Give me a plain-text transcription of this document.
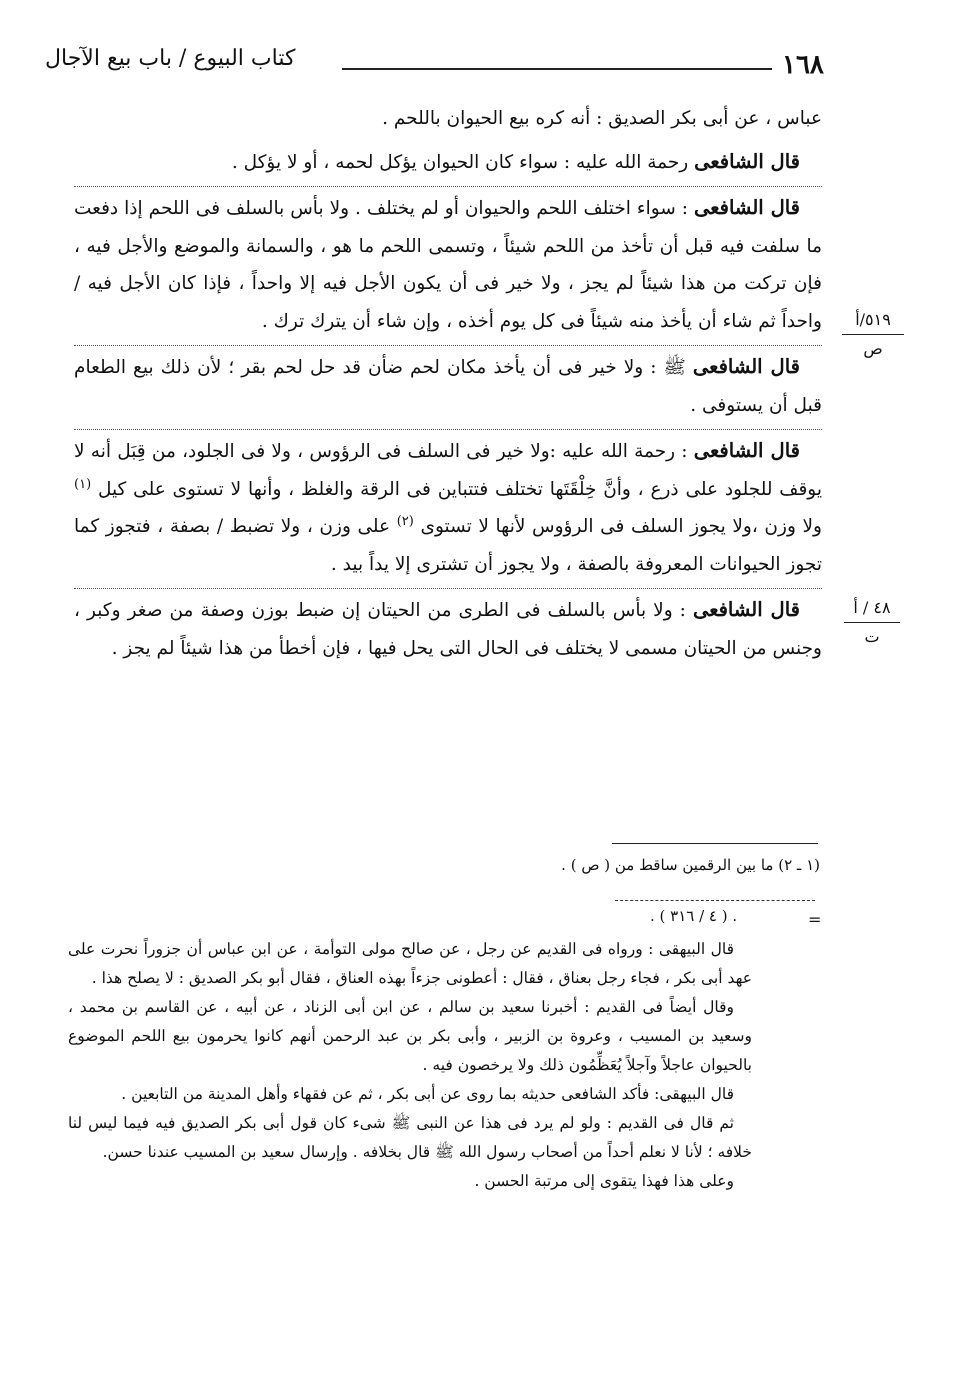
١٦٨
كتاب البيوع / باب بيع الآجال

عباس ، عن أبى بكر الصديق : أنه كره بيع الحيوان باللحم .

قال الشافعى رحمة الله عليه : سواء كان الحيوان يؤكل لحمه ، أو لا يؤكل .

قال الشافعى : سواء اختلف اللحم والحيوان أو لم يختلف . ولا بأس بالسلف فى اللحم إذا دفعت ما سلفت فيه قبل أن تأخذ من اللحم شيئاً ، وتسمى اللحم ما هو ، والسمانة والموضع والأجل فيه ، فإن تركت من هذا شيئاً لم يجز ، ولا خير فى أن يكون الأجل فيه إلا واحداً ، فإذا كان الأجل فيه / واحداً ثم شاء أن يأخذ منه شيئاً فى كل يوم أخذه ، وإن شاء أن يترك ترك .

قال الشافعى ﷺ : ولا خير فى أن يأخذ مكان لحم ضأن قد حل لحم بقر ؛ لأن ذلك بيع الطعام قبل أن يستوفى .

قال الشافعى : رحمة الله عليه :ولا خير فى السلف فى الرؤوس ، ولا فى الجلود، من قِبَل أنه لا يوقف للجلود على ذرع ، وأنَّ خِلْقَتَها تختلف فتتباين فى الرقة والغلظ ، وأنها لا تستوى على كيل $^{(١)}$ ولا وزن ،ولا يجوز السلف فى الرؤوس لأنها لا تستوى $^{(٢)}$ على وزن ، ولا تضبط / بصفة ، فتجوز كما تجوز الحيوانات المعروفة بالصفة ، ولا يجوز أن تشترى إلا يداً بيد .

قال الشافعى : ولا بأس بالسلف فى الطرى من الحيتان إن ضبط بوزن وصفة من صغر وكبر ، وجنس من الحيتان مسمى لا يختلف فى الحال التى يحل فيها ، فإن أخطأ من هذا شيئاً لم يجز .

٥١٩/أ
ص
٤٨ / أ
ت
(١ ـ ٢) ما بين الرقمين ساقط من ( ص ) .
=
. ( ٤ / ٣١٦ ) .

قال البيهقى : ورواه فى القديم عن رجل ، عن صالح مولى التوأمة ، عن ابن عباس أن جزوراً نحرت على عهد أبى بكر ، فجاء رجل بعناق ، فقال : أعطونى جزءاً بهذه العناق ، فقال أبو بكر الصديق : لا يصلح هذا .

وقال أيضاً فى القديم : أخبرنا سعيد بن سالم ، عن ابن أبى الزناد ، عن أبيه ، عن القاسم بن محمد ، وسعيد بن المسيب ، وعروة بن الزبير ، وأبى بكر بن عبد الرحمن أنهم كانوا يحرمون بيع اللحم الموضوع بالحيوان عاجلاً وآجلاً يُعَظِّمُون ذلك ولا يرخصون فيه .

قال البيهقى: فأكد الشافعى حديثه بما روى عن أبى بكر ، ثم عن فقهاء وأهل المدينة من التابعين .

ثم قال فى القديم : ولو لم يرد فى هذا عن النبى ﷺ شىء كان قول أبى بكر الصديق فيه فيما ليس لنا خلافه ؛ لأنا لا نعلم أحداً من أصحاب رسول الله ﷺ قال بخلافه . وإرسال سعيد بن المسيب عندنا حسن.

وعلى هذا فهذا يتقوى إلى مرتبة الحسن .
